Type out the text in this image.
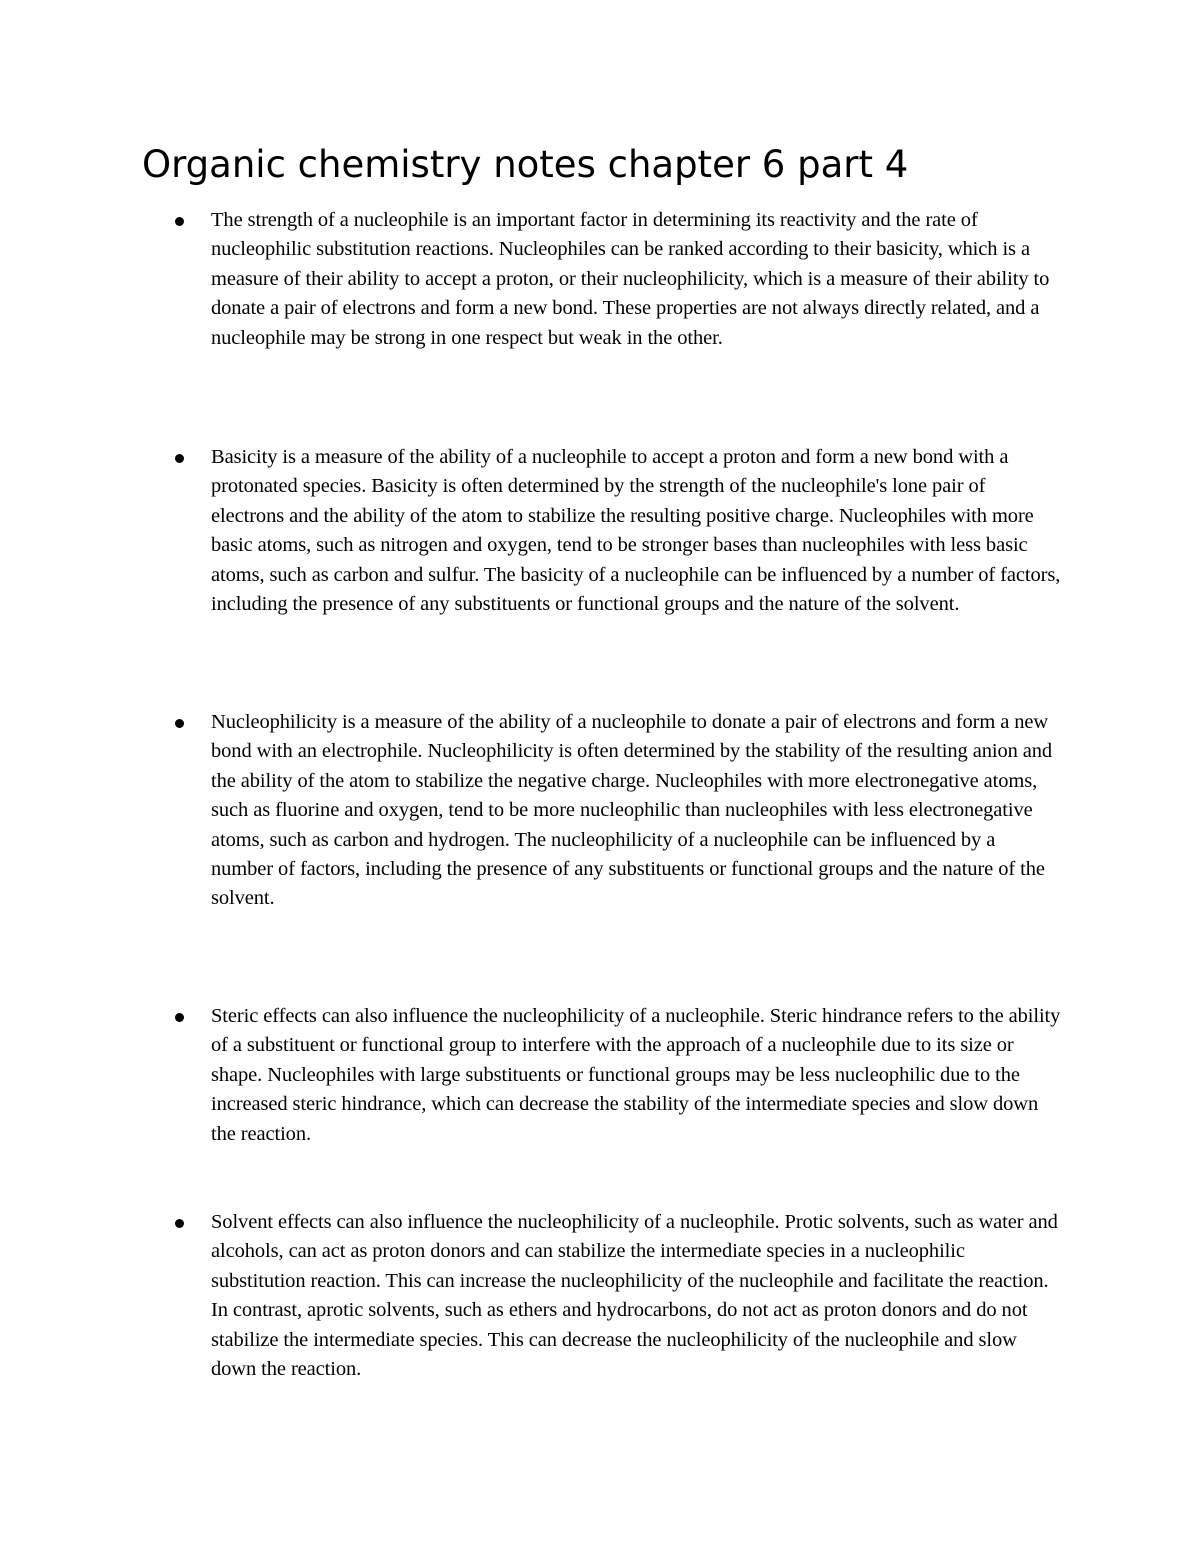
Organic chemistry notes chapter 6 part 4

The strength of a nucleophile is an important factor in determining its reactivity and the rate of nucleophilic substitution reactions. Nucleophiles can be ranked according to their basicity, which is a measure of their ability to accept a proton, or their nucleophilicity, which is a measure of their ability to donate a pair of electrons and form a new bond. These properties are not always directly related, and a nucleophile may be strong in one respect but weak in the other.

Basicity is a measure of the ability of a nucleophile to accept a proton and form a new bond with a protonated species. Basicity is often determined by the strength of the nucleophile's lone pair of electrons and the ability of the atom to stabilize the resulting positive charge. Nucleophiles with more basic atoms, such as nitrogen and oxygen, tend to be stronger bases than nucleophiles with less basic atoms, such as carbon and sulfur. The basicity of a nucleophile can be influenced by a number of factors, including the presence of any substituents or functional groups and the nature of the solvent.

Nucleophilicity is a measure of the ability of a nucleophile to donate a pair of electrons and form a new bond with an electrophile. Nucleophilicity is often determined by the stability of the resulting anion and the ability of the atom to stabilize the negative charge. Nucleophiles with more electronegative atoms, such as fluorine and oxygen, tend to be more nucleophilic than nucleophiles with less electronegative atoms, such as carbon and hydrogen. The nucleophilicity of a nucleophile can be influenced by a number of factors, including the presence of any substituents or functional groups and the nature of the solvent.

Steric effects can also influence the nucleophilicity of a nucleophile. Steric hindrance refers to the ability of a substituent or functional group to interfere with the approach of a nucleophile due to its size or shape. Nucleophiles with large substituents or functional groups may be less nucleophilic due to the increased steric hindrance, which can decrease the stability of the intermediate species and slow down the reaction.

Solvent effects can also influence the nucleophilicity of a nucleophile. Protic solvents, such as water and alcohols, can act as proton donors and can stabilize the intermediate species in a nucleophilic substitution reaction. This can increase the nucleophilicity of the nucleophile and facilitate the reaction. In contrast, aprotic solvents, such as ethers and hydrocarbons, do not act as proton donors and do not stabilize the intermediate species. This can decrease the nucleophilicity of the nucleophile and slow down the reaction.
